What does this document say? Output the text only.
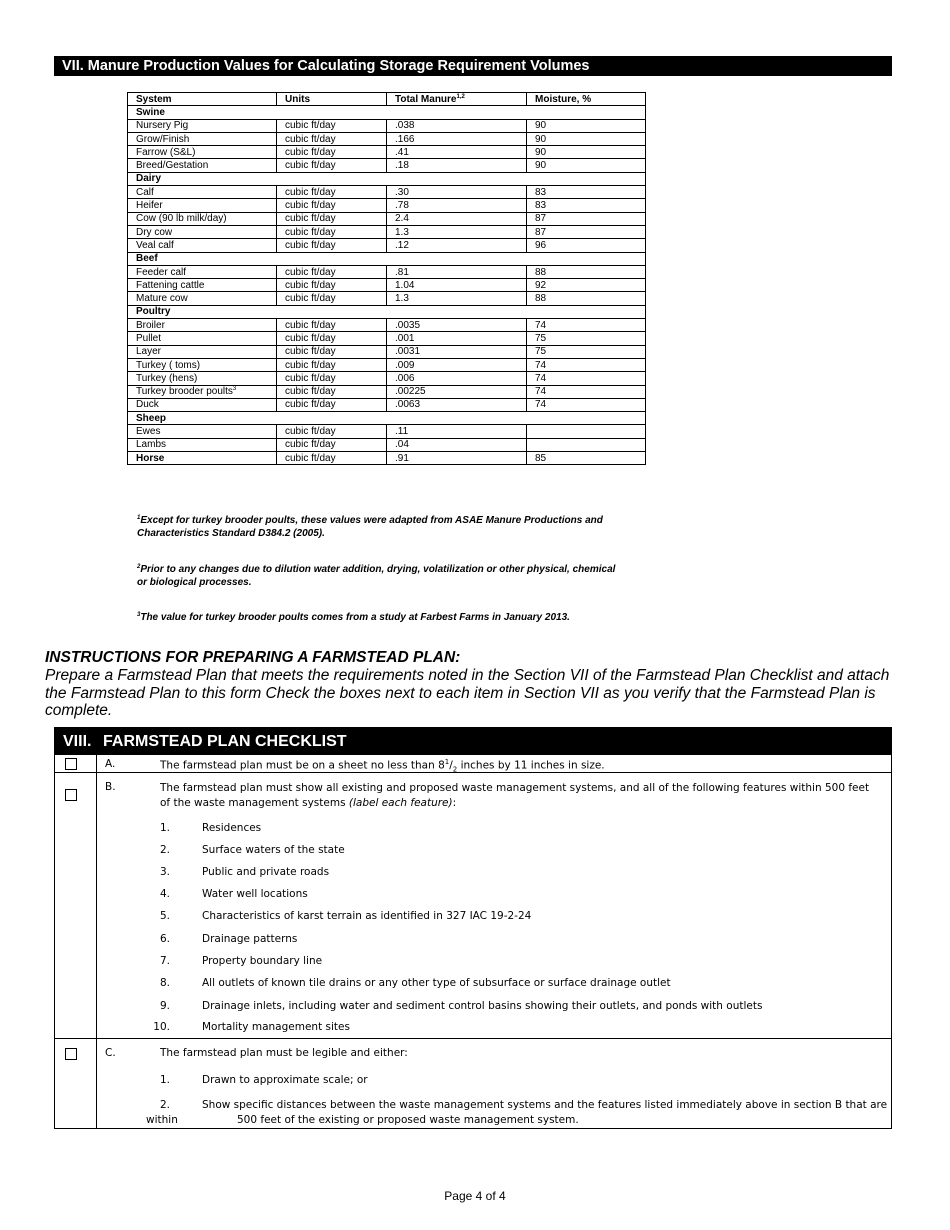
VII. Manure Production Values for Calculating Storage Requirement Volumes
System	Units	Total Manure$^{1,2}$	Moisture, %
Swine			
Nursery Pig	cubic ft/day	.038	90
Grow/Finish	cubic ft/day	.166	90
Farrow (S&L)	cubic ft/day	.41	90
Breed/Gestation	cubic ft/day	.18	90
Dairy			
Calf	cubic ft/day	.30	83
Heifer	cubic ft/day	.78	83
Cow (90 lb milk/day)	cubic ft/day	2.4	87
Dry cow	cubic ft/day	1.3	87
Veal calf	cubic ft/day	.12	96
Beef			
Feeder calf	cubic ft/day	.81	88
Fattening cattle	cubic ft/day	1.04	92
Mature cow	cubic ft/day	1.3	88
Poultry			
Broiler	cubic ft/day	.0035	74
Pullet	cubic ft/day	.001	75
Layer	cubic ft/day	.0031	75
Turkey ( toms)	cubic ft/day	.009	74
Turkey (hens)	cubic ft/day	.006	74
Turkey brooder poults$^3$	cubic ft/day	.00225	74
Duck	cubic ft/day	.0063	74
Sheep			
Ewes	cubic ft/day	.11	
Lambs	cubic ft/day	.04	
Horse	cubic ft/day	.91	85
$^1$Except for turkey brooder poults, these values were adapted from ASAE Manure Productions and Characteristics Standard D384.2 (2005).
$^2$Prior to any changes due to dilution water addition, drying, volatilization or other physical, chemical or biological processes.
$^3$The value for turkey brooder poults comes from a study at Farbest Farms in January 2013.
INSTRUCTIONS FOR PREPARING A FARMSTEAD PLAN:
Prepare a Farmstead Plan that meets the requirements noted in the Section VII of the Farmstead Plan Checklist and attach the Farmstead Plan to this form Check the boxes next to each item in Section VII as you verify that the Farmstead Plan is complete.
VIII. FARMSTEAD PLAN CHECKLIST
A.	The farmstead plan must be on a sheet no less than $8^1/_2$ inches by 11 inches in size.
B.	The farmstead plan must show all existing and proposed waste management systems, and all of the following features within 500 feet of the waste management systems (label each feature):
1.	Residences
2.	Surface waters of the state
3.	Public and private roads
4.	Water well locations
5.	Characteristics of karst terrain as identified in 327 IAC 19-2-24
6.	Drainage patterns
7.	Property boundary line
8.	All outlets of known tile drains or any other type of subsurface or surface drainage outlet
9.	Drainage inlets, including water and sediment control basins showing their outlets, and ponds with outlets
10.	Mortality management sites
C.	The farmstead plan must be legible and either:
1.	Drawn to approximate scale; or
2.	Show specific distances between the waste management systems and the features listed immediately above in section B that are
within	500 feet of the existing or proposed waste management system.
Page 4 of 4
